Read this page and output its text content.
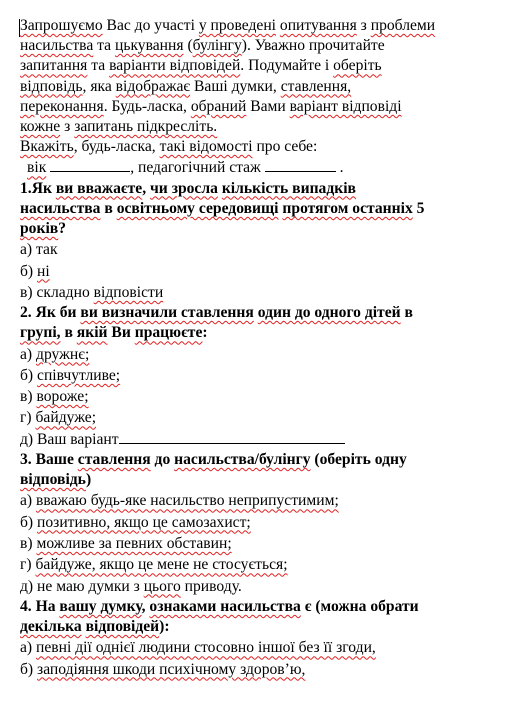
Запрошуємо Вас до участі у проведені опитування з проблеми
насильства та цькування (булінгу). Уважно прочитайте
запитання та варіанти відповідей. Подумайте і оберіть
відповідь, яка відображає Ваші думки, ставлення,
переконання. Будь-ласка, обраний Вами варіант відповіді
кожне з запитань підкресліть.
Вкажіть, будь-ласка, такі відомості про себе:
вік	, педагогічний стаж	.

1.Як ви вважаєте, чи зросла кількість випадків
насильства в освітньому середовищі протягом останніх 5
років?

а) так

б) ні

в) складно відповісти

2. Як би ви визначили ставлення один до одного дітей в
групі, в якій Ви працюєте:

а) дружнє;

б) співчутливе;

в) вороже;

г) байдуже;

д) Ваш варіант

3. Ваше ставлення до насильства/булінгу (оберіть одну
відповідь)

а) вважаю будь-яке насильство неприпустимим;

б) позитивно, якщо це самозахист;

в) можливе за певних обставин;

г) байдуже, якщо це мене не стосується;

д) не маю думки з цього приводу.

4. На вашу думку, ознаками насильства є (можна обрати
декілька відповідей):

а) певні дії однієї людини стосовно іншої без її згоди,

б) заподіяння шкоди психічному здоров’ю,
